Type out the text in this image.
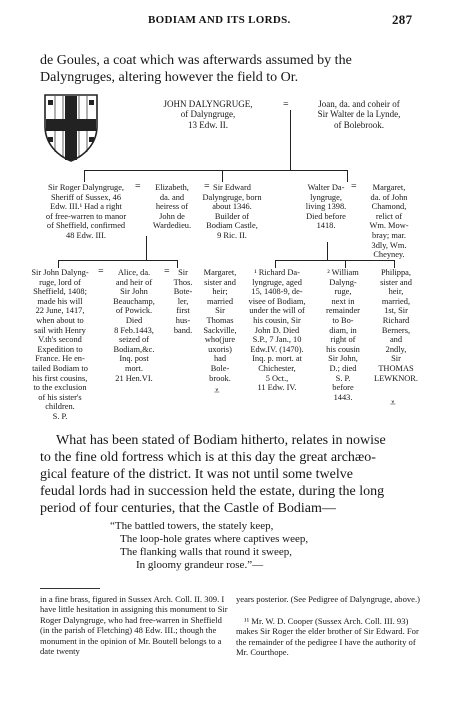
BODIAM AND ITS LORDS.	287
de Goules, a coat which was afterwards assumed by the
Dalyngruges, altering however the field to Or.
JOHN DALYNGRUGE,
of Dalyngruge,
13 Edw. II.
=	Joan, da. and coheir of
Sir Walter de la Lynde,
of Bolebrook.
Sir Roger Dalyngruge,
Sheriff of Sussex, 46
Edw. III.¹ Had a right
of free-warren to manor
of Sheffield, confirmed
48 Edw. III.
=	Elizabeth,
da. and
heiress of
John de
Wardedieu.
= Sir Edward
Dalyngruge, born
about 1346.
Builder of
Bodiam Castle,
9 Ric. II.
Walter Da-
lyngruge,
living 1398.
Died before
1418.
=	Margaret,
da. of John
Chamond,
relict of
Wm. Mow-
bray; mar.
3dly, Wm.
Cheyney.
Sir John Dalyng-
ruge, lord of
Sheffield, 1408;
made his will
22 June, 1417,
when about to
sail with Henry
V.th's second
Expedition to
France. He en-
tailed Bodiam to
his first cousins,
to the exclusion
of his sister's
children.
S. P.
=	Alice, da.
and heir of
Sir John
Beauchamp,
of Powick.
Died
8 Feb.1443,
seized of
Bodiam,&c.
Inq. post
mort.
21 Hen.VI.
=	Sir
Thos.
Bote-
ler,
first
hus-
band.
Margaret,
sister and
heir;
married
Sir
Thomas
Sackville,
who(jure
uxoris)
had
Bole-
brook.
¹ Richard Da-
lyngruge, aged
15, 1408-9, de-
visee of Bodiam,
under the will of
his cousin, Sir
John D. Died
S.P., 7 Jan., 10
Edw.IV. (1470).
Inq. p. mort. at
Chichester,
5 Oct.,
11 Edw. IV.
² William
Dalyng-
ruge,
next in
remainder
to Bo-
diam, in
right of
his cousin
Sir John,
D.; died
S. P.
before
1443.
Philippa,
sister and
heir,
married,
1st, Sir
Richard
Berners,
and
2ndly,
Sir
THOMAS
LEWKNOR.
⩡
⩡
What has been stated of Bodiam hitherto, relates in nowise
to the fine old fortress which is at this day the great archæo-
gical feature of the district. It was not until some twelve
feudal lords had in succession held the estate, during the long
period of four centuries, that the Castle of Bodiam—
“The battled towers, the stately keep,
The loop-hole grates where captives weep,
The flanking walls that round it sweep,
In gloomy grandeur rose.”—
in a fine brass, figured in Sussex Arch. Coll. II. 309. I have little hesitation in assigning this monument to Sir Roger Dalyngruge, who had free-warren in Sheffield (in the parish of Fletching) 48 Edw. III.; though the monument in the opinion of Mr. Boutell belongs to a date twenty
years posterior. (See Pedigree of Dalyngruge, above.)
¹¹ Mr. W. D. Cooper (Sussex Arch. Coll. III. 93) makes Sir Roger the elder brother of Sir Edward. For the remainder of the pedigree I have the authority of Mr. Courthope.
